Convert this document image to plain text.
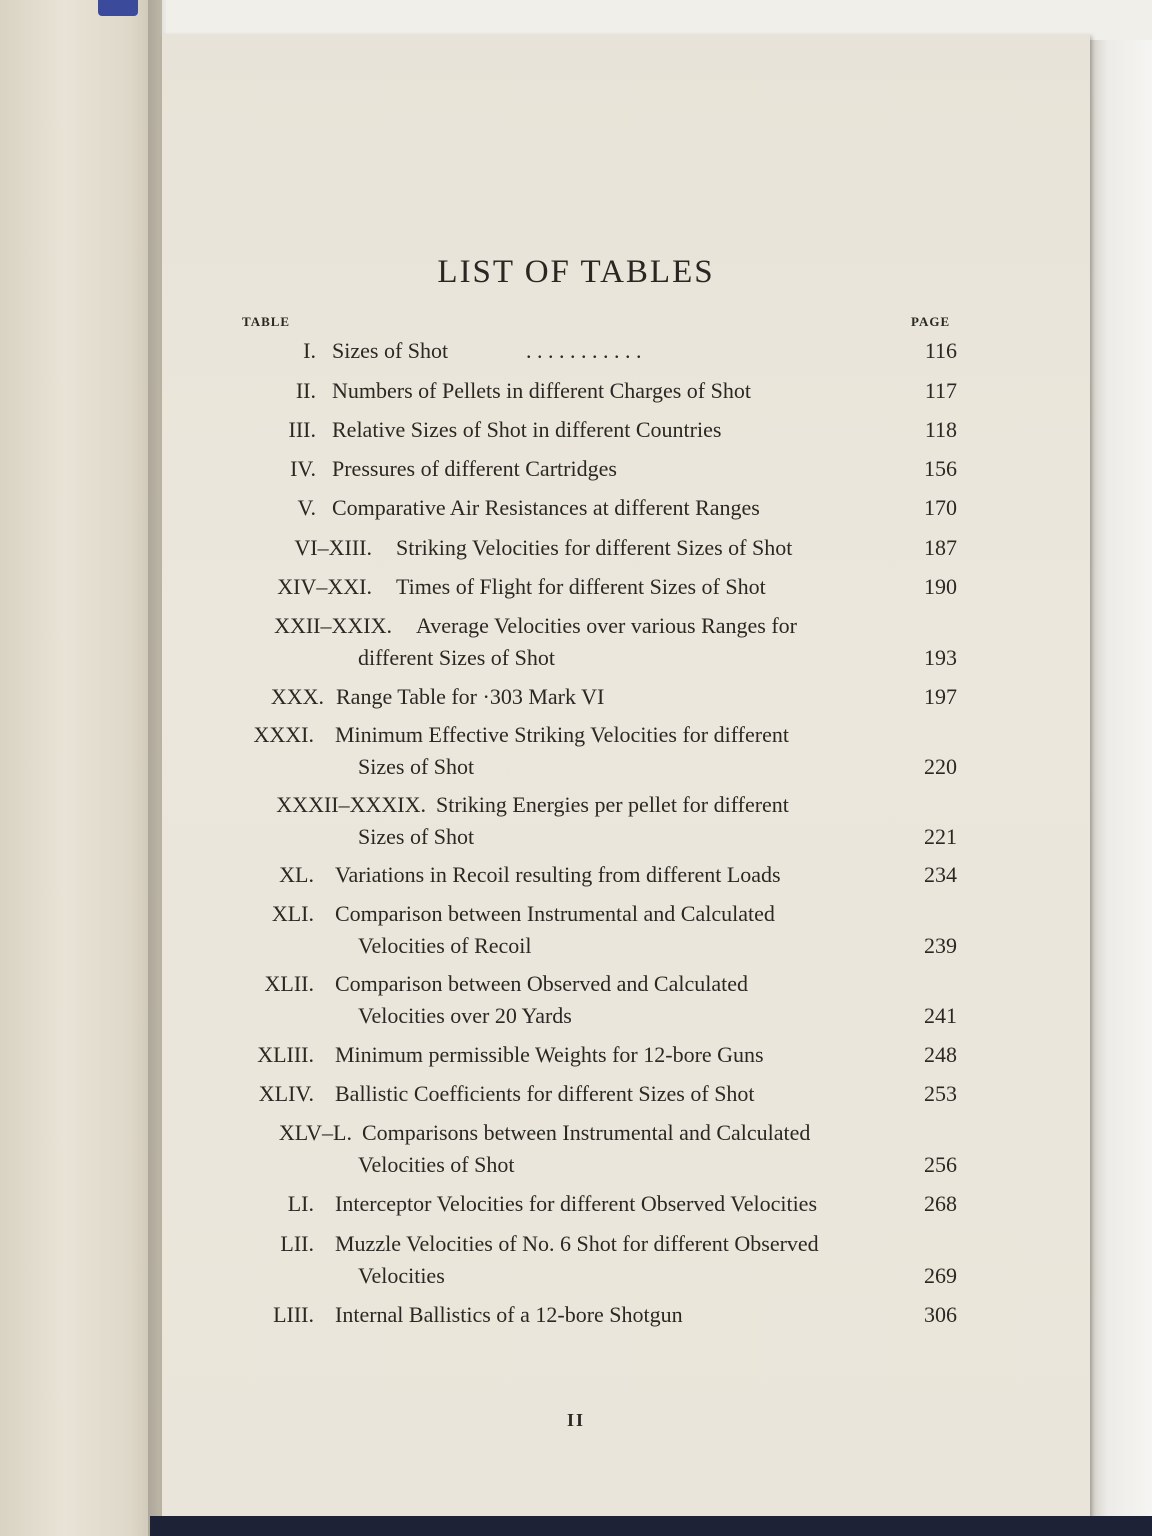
LIST OF TABLES
TABLE	PAGE
I. Sizes of Shot	. . . . . . . . . . .	116
II. Numbers of Pellets in different Charges of Shot	117
III. Relative Sizes of Shot in different Countries	118
IV. Pressures of different Cartridges	156
V. Comparative Air Resistances at different Ranges	170
VI–XIII. Striking Velocities for different Sizes of Shot	187
XIV–XXI. Times of Flight for different Sizes of Shot	190
XXII–XXIX. Average Velocities over various Ranges for
different Sizes of Shot	193
XXX. Range Table for ·303 Mark VI	197
XXXI. Minimum Effective Striking Velocities for different
Sizes of Shot	220
XXXII–XXXIX. Striking Energies per pellet for different
Sizes of Shot	221
XL. Variations in Recoil resulting from different Loads	234
XLI. Comparison between Instrumental and Calculated
Velocities of Recoil	239
XLII. Comparison between Observed and Calculated
Velocities over 20 Yards	241
XLIII. Minimum permissible Weights for 12-bore Guns	248
XLIV. Ballistic Coefficients for different Sizes of Shot	253
XLV–L. Comparisons between Instrumental and Calculated
Velocities of Shot	256
LI. Interceptor Velocities for different Observed Velocities	268
LII. Muzzle Velocities of No. 6 Shot for different Observed
Velocities	269
LIII. Internal Ballistics of a 12-bore Shotgun	306
II
